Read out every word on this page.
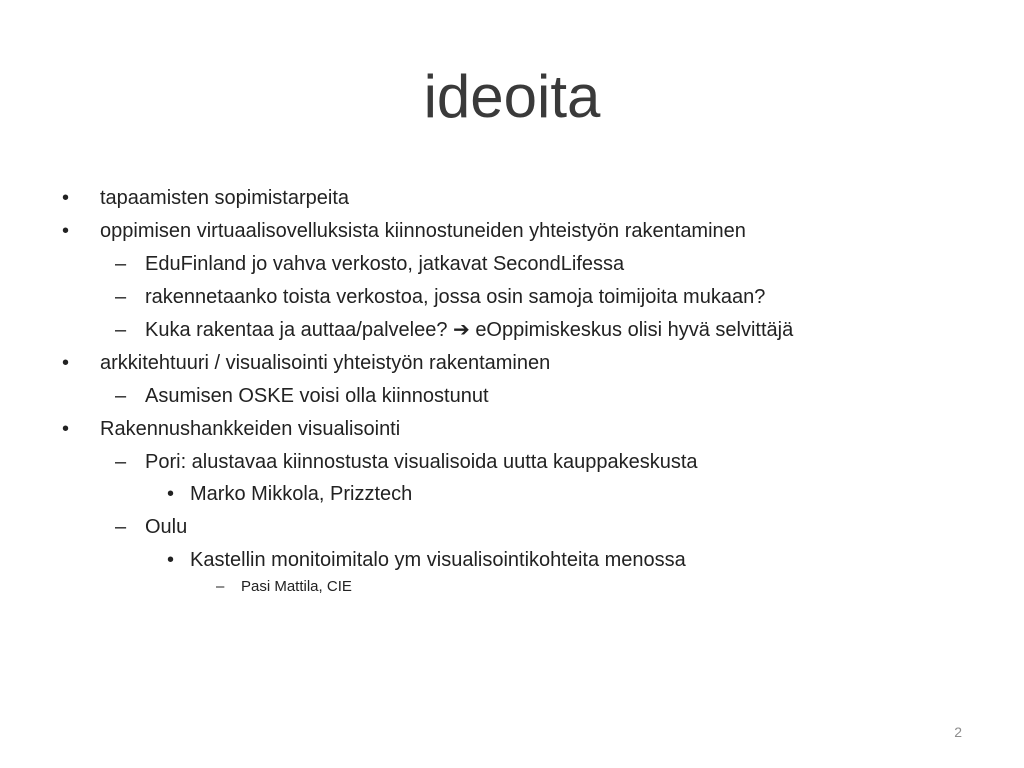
ideoita
• tapaamisten sopimistarpeita
• oppimisen virtuaalisovelluksista kiinnostuneiden yhteistyön rakentaminen
– EduFinland jo vahva verkosto, jatkavat SecondLifessa
– rakennetaanko toista verkostoa, jossa osin samoja toimijoita mukaan?
– Kuka rakentaa ja auttaa/palvelee? ➔ eOppimiskeskus olisi hyvä selvittäjä
• arkkitehtuuri / visualisointi yhteistyön rakentaminen
– Asumisen OSKE voisi olla kiinnostunut
• Rakennushankkeiden visualisointi
– Pori: alustavaa kiinnostusta visualisoida uutta kauppakeskusta
• Marko Mikkola, Prizztech
– Oulu
• Kastellin monitoimitalo ym visualisointikohteita menossa
– Pasi Mattila, CIE
2
